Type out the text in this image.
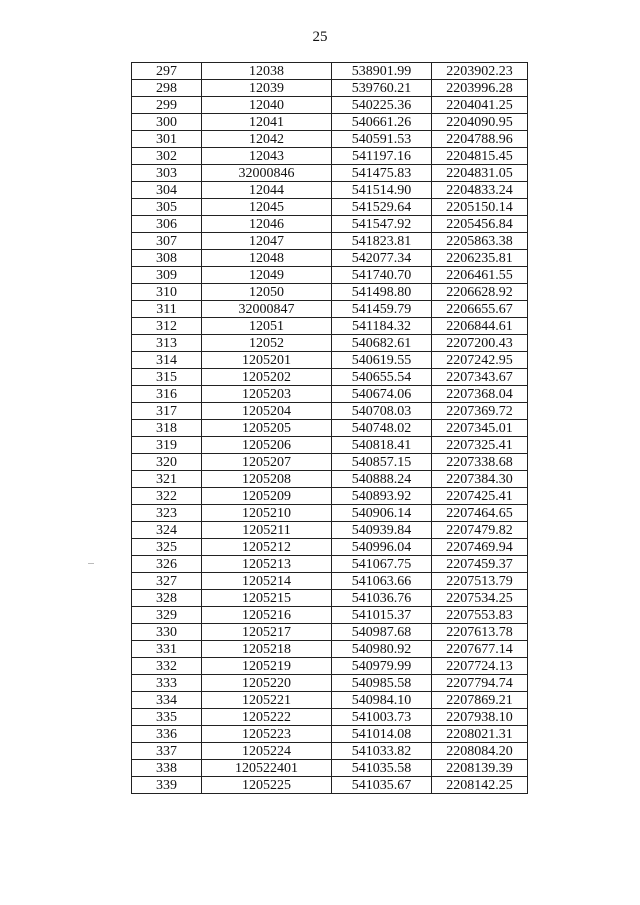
25
297	12038	538901.99	2203902.23
298	12039	539760.21	2203996.28
299	12040	540225.36	2204041.25
300	12041	540661.26	2204090.95
301	12042	540591.53	2204788.96
302	12043	541197.16	2204815.45
303	32000846	541475.83	2204831.05
304	12044	541514.90	2204833.24
305	12045	541529.64	2205150.14
306	12046	541547.92	2205456.84
307	12047	541823.81	2205863.38
308	12048	542077.34	2206235.81
309	12049	541740.70	2206461.55
310	12050	541498.80	2206628.92
311	32000847	541459.79	2206655.67
312	12051	541184.32	2206844.61
313	12052	540682.61	2207200.43
314	1205201	540619.55	2207242.95
315	1205202	540655.54	2207343.67
316	1205203	540674.06	2207368.04
317	1205204	540708.03	2207369.72
318	1205205	540748.02	2207345.01
319	1205206	540818.41	2207325.41
320	1205207	540857.15	2207338.68
321	1205208	540888.24	2207384.30
322	1205209	540893.92	2207425.41
323	1205210	540906.14	2207464.65
324	1205211	540939.84	2207479.82
325	1205212	540996.04	2207469.94
326	1205213	541067.75	2207459.37
327	1205214	541063.66	2207513.79
328	1205215	541036.76	2207534.25
329	1205216	541015.37	2207553.83
330	1205217	540987.68	2207613.78
331	1205218	540980.92	2207677.14
332	1205219	540979.99	2207724.13
333	1205220	540985.58	2207794.74
334	1205221	540984.10	2207869.21
335	1205222	541003.73	2207938.10
336	1205223	541014.08	2208021.31
337	1205224	541033.82	2208084.20
338	120522401	541035.58	2208139.39
339	1205225	541035.67	2208142.25
